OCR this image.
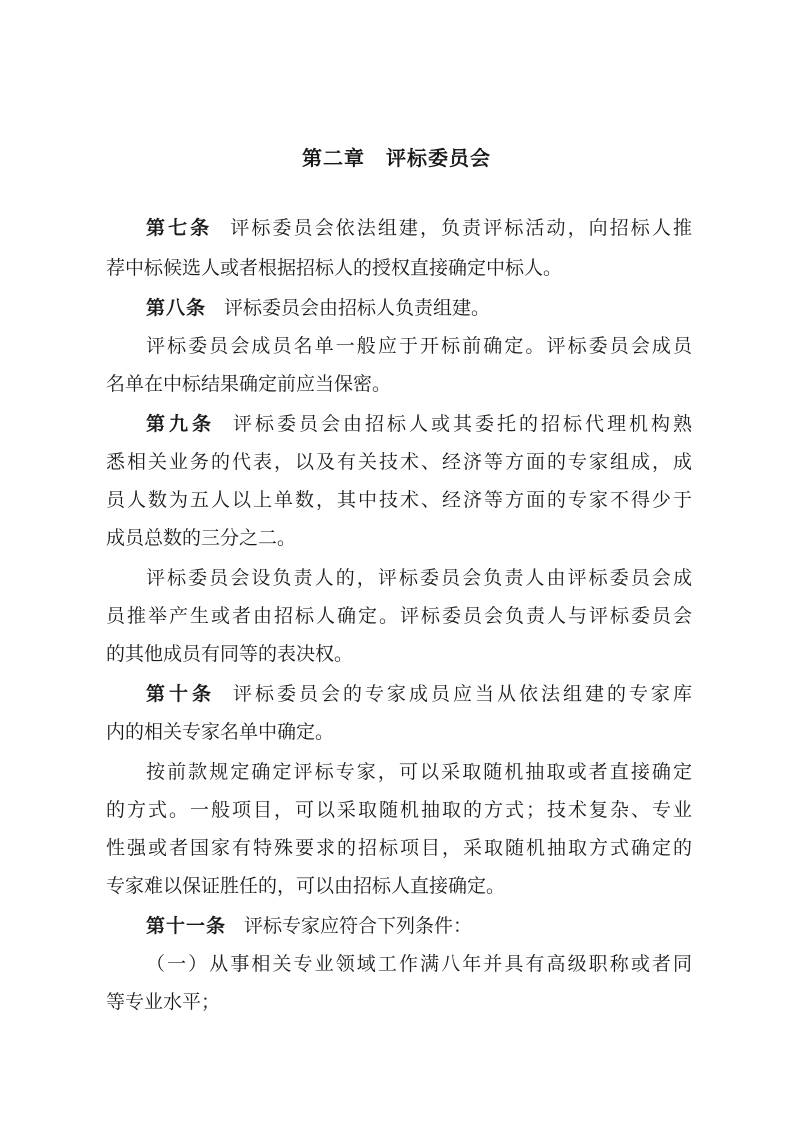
第二章　评标委员会
第七条 评标委员会依法组建，负责评标活动，向招标人推
荐中标候选人或者根据招标人的授权直接确定中标人。
第八条 评标委员会由招标人负责组建。
评标委员会成员名单一般应于开标前确定。评标委员会成员
名单在中标结果确定前应当保密。
第九条 评标委员会由招标人或其委托的招标代理机构熟
悉相关业务的代表，以及有关技术、经济等方面的专家组成，成
员人数为五人以上单数，其中技术、经济等方面的专家不得少于
成员总数的三分之二。
评标委员会设负责人的，评标委员会负责人由评标委员会成
员推举产生或者由招标人确定。评标委员会负责人与评标委员会
的其他成员有同等的表决权。
第十条 评标委员会的专家成员应当从依法组建的专家库
内的相关专家名单中确定。
按前款规定确定评标专家，可以采取随机抽取或者直接确定
的方式。一般项目，可以采取随机抽取的方式；技术复杂、专业
性强或者国家有特殊要求的招标项目，采取随机抽取方式确定的
专家难以保证胜任的，可以由招标人直接确定。
第十一条 评标专家应符合下列条件：
（一）从事相关专业领域工作满八年并具有高级职称或者同
等专业水平；
